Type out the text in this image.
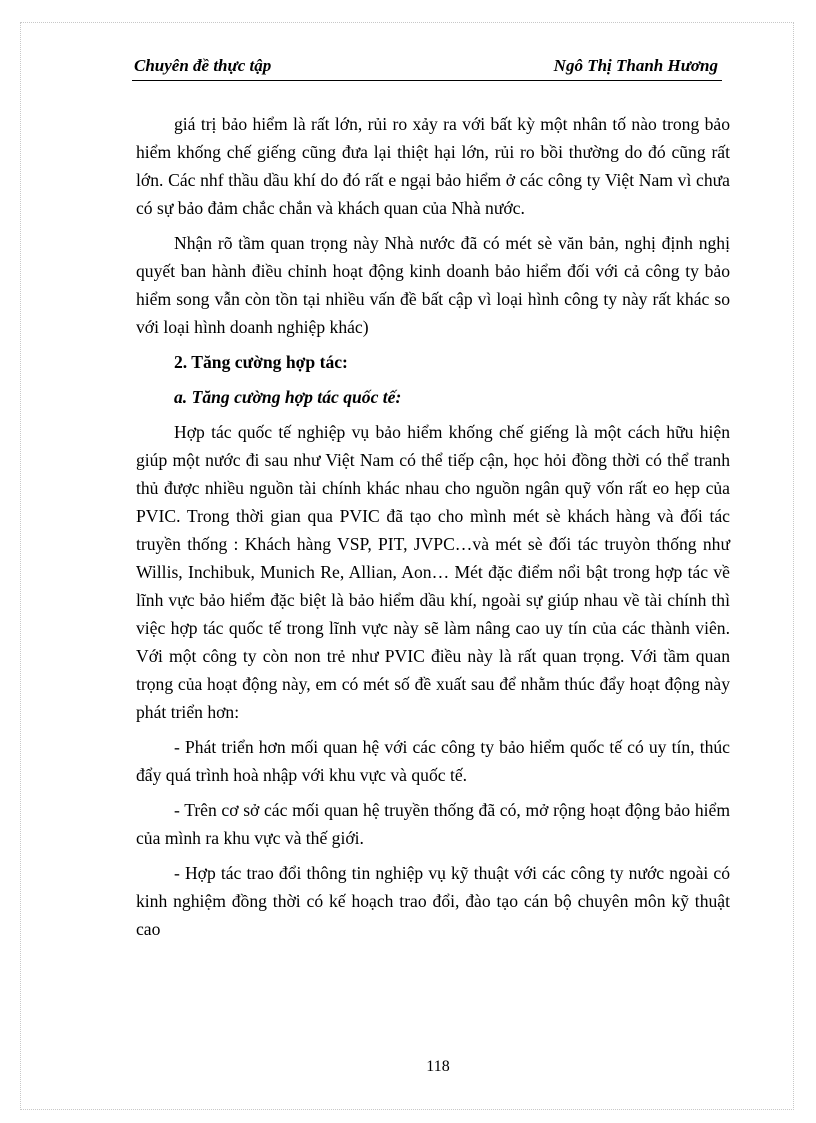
Chuyên đề thực tập	Ngô Thị Thanh Hương

giá trị bảo hiểm là rất lớn, rủi ro xảy ra với bất kỳ một nhân tố nào trong bảo hiểm khống chế giếng cũng đưa lại thiệt hại lớn, rủi ro bồi thường do đó cũng rất lớn. Các nhf thầu dầu khí do đó rất e ngại bảo hiểm ở các công ty Việt Nam vì chưa có sự bảo đảm chắc chắn và khách quan của Nhà nước.

Nhận rõ tầm quan trọng này Nhà nước đã có mét sè văn bản, nghị định nghị quyết ban hành điều chỉnh hoạt động kinh doanh bảo hiểm đối với cả công ty bảo hiểm song vẫn còn tồn tại nhiều vấn đề bất cập vì loại hình công ty này rất khác so với loại hình doanh nghiệp khác)

2. Tăng cường hợp tác:

a. Tăng cường hợp tác quốc tế:

Hợp tác quốc tế nghiệp vụ bảo hiểm khống chế giếng là một cách hữu hiện giúp một nước đi sau như Việt Nam có thể tiếp cận, học hỏi đồng thời có thể tranh thủ được nhiều nguồn tài chính khác nhau cho nguồn ngân quỹ vốn rất eo hẹp của PVIC. Trong thời gian qua PVIC đã tạo cho mình mét sè khách hàng và đối tác truyền thống : Khách hàng VSP, PIT, JVPC…và mét sè đối tác truyòn thống như Willis, Inchibuk, Munich Re, Allian, Aon… Mét đặc điểm nổi bật trong hợp tác về lĩnh vực bảo hiểm đặc biệt là bảo hiểm dầu khí, ngoài sự giúp nhau về tài chính thì việc hợp tác quốc tế trong lĩnh vực này sẽ làm nâng cao uy tín của các thành viên. Với một công ty còn non trẻ như PVIC điều này là rất quan trọng. Với tầm quan trọng của hoạt động này, em có mét số đề xuất sau để nhằm thúc đẩy hoạt động này phát triển hơn:

- Phát triển hơn mối quan hệ với các công ty bảo hiểm quốc tế có uy tín, thúc đẩy quá trình hoà nhập với khu vực và quốc tế.

- Trên cơ sở các mối quan hệ truyền thống đã có, mở rộng hoạt động bảo hiểm của mình ra khu vực và thế giới.

- Hợp tác trao đổi thông tin nghiệp vụ kỹ thuật với các công ty nước ngoài có kinh nghiệm đồng thời có kế hoạch trao đổi, đào tạo cán bộ chuyên môn kỹ thuật cao

118
